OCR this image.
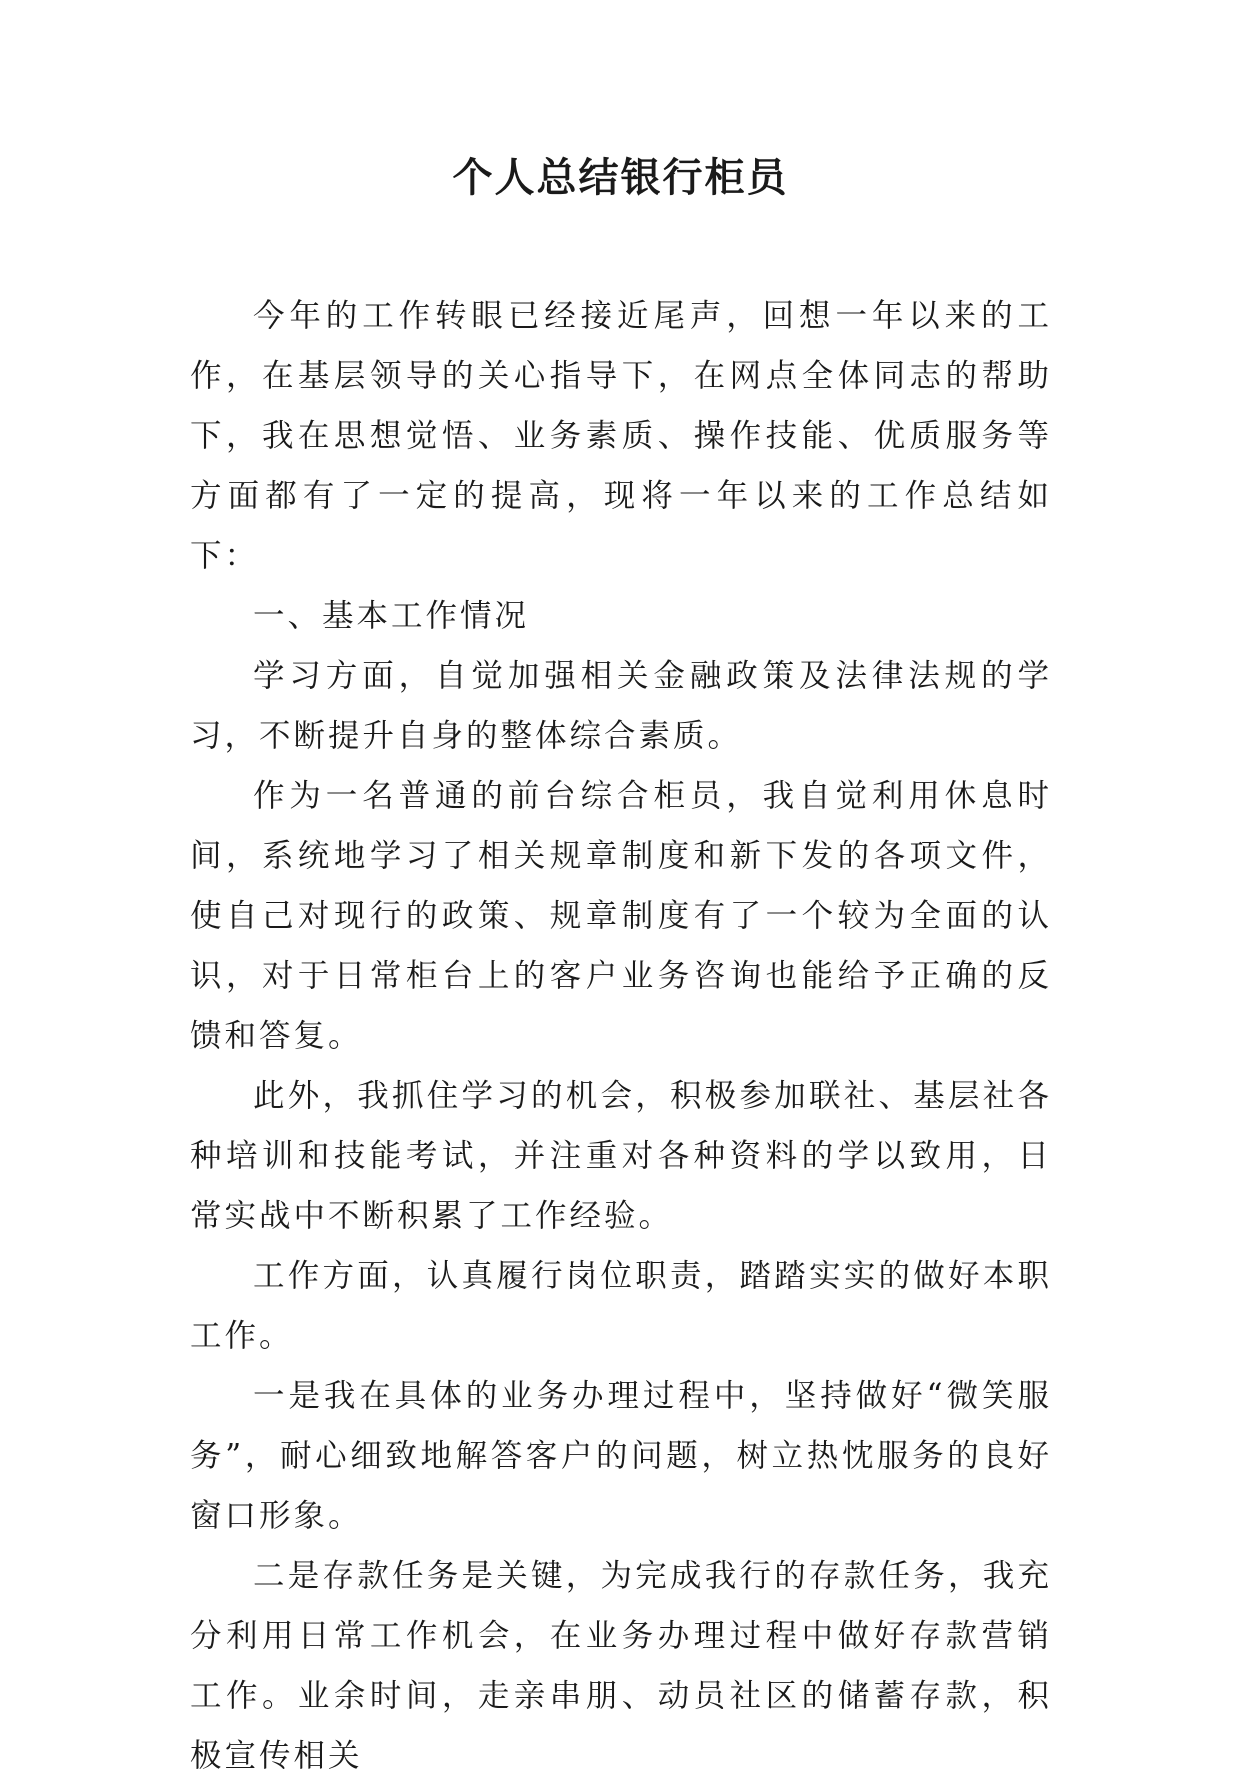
个人总结银行柜员

今年的工作转眼已经接近尾声，回想一年以来的工作，在基层领导的关心指导下，在网点全体同志的帮助下，我在思想觉悟、业务素质、操作技能、优质服务等方面都有了一定的提高，现将一年以来的工作总结如下：

一、基本工作情况

学习方面，自觉加强相关金融政策及法律法规的学习，不断提升自身的整体综合素质。

作为一名普通的前台综合柜员，我自觉利用休息时间，系统地学习了相关规章制度和新下发的各项文件，使自己对现行的政策、规章制度有了一个较为全面的认识，对于日常柜台上的客户业务咨询也能给予正确的反馈和答复。

此外，我抓住学习的机会，积极参加联社、基层社各种培训和技能考试，并注重对各种资料的学以致用，日常实战中不断积累了工作经验。

工作方面，认真履行岗位职责，踏踏实实的做好本职工作。

一是我在具体的业务办理过程中，坚持做好“微笑服务”，耐心细致地解答客户的问题，树立热忱服务的良好窗口形象。

二是存款任务是关键，为完成我行的存款任务，我充分利用日常工作机会，在业务办理过程中做好存款营销工作。业余时间，走亲串朋、动员社区的储蓄存款，积极宣传相关
